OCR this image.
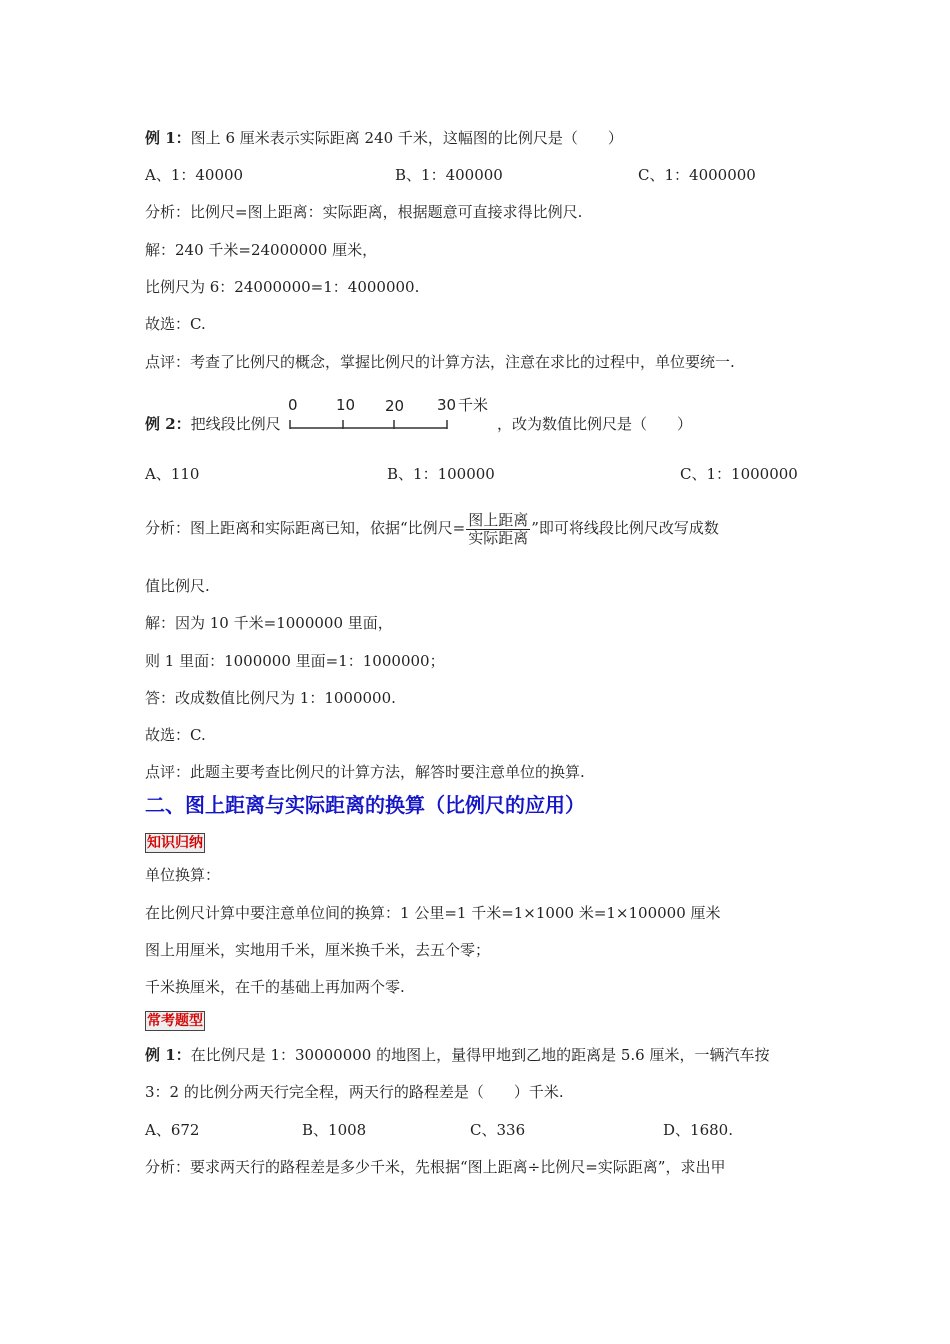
例 1：图上 6 厘米表示实际距离 240 千米，这幅图的比例尺是（　　）
A、1：40000	B、1：400000	C、1：4000000
分析：比例尺=图上距离：实际距离，根据题意可直接求得比例尺.
解：240 千米=24000000 厘米，
比例尺为 6：24000000=1：4000000.
故选：C.
点评：考查了比例尺的概念，掌握比例尺的计算方法，注意在求比的过程中，单位要统一.
例 2：把线段比例尺
0	10 20 30 千米
，改为数值比例尺是（　　）
A、110	B、1：100000	C、1：1000000
分析：图上距离和实际距离已知，依据“比例尺= $\frac{\text{图上距离}}{\text{实际距离}}$ ”即可将线段比例尺改写成数
值比例尺.
解：因为 10 千米=1000000 里面，
则 1 里面：1000000 里面=1：1000000；
答：改成数值比例尺为 1：1000000.
故选：C.
点评：此题主要考查比例尺的计算方法，解答时要注意单位的换算.
二、图上距离与实际距离的换算（比例尺的应用）
知识归纳
单位换算：
在比例尺计算中要注意单位间的换算：1 公里=1 千米=1×1000 米=1×100000 厘米
图上用厘米，实地用千米，厘米换千米，去五个零；
千米换厘米，在千的基础上再加两个零.
常考题型
例 1：在比例尺是 1：30000000 的地图上，量得甲地到乙地的距离是 5.6 厘米，一辆汽车按
3：2 的比例分两天行完全程，两天行的路程差是（　　）千米.
A、672	B、1008	C、336	D、1680.
分析：要求两天行的路程差是多少千米，先根据“图上距离÷比例尺=实际距离”，求出甲
